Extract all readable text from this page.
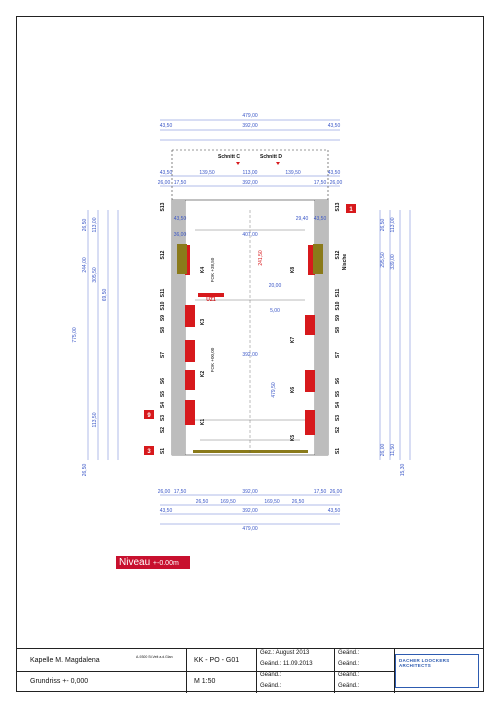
479,00
43,50	392,00	43,50
43,50	139,50	113,00	139,50	43,50
26,00 17,50	392,00	17,50 26,00
26,00 17,50	392,00	17,50 26,00
26,50 169,50	169,50 26,50
43,50	392,00	43,50
479,00
43,50
36,00	407,00
29,40 43,50
20,00
5,00
392,00
479,50
241,50
26,50 113,00
244,00
305,50
69,50
775,00
113,50
26,50
26,50 113,00
295,50 339,00
26,00 11,50
15,30
S13
S12
S11
S10
S9
S8
S7
S6
S5
S4
S3
S2
S1
S13
S12
S11
S10
S9
S8
S7
S6
S5
S4
S3
S2
S1
K4
K3
K2
K1
K8
K7
K6
K5
FOK +38,50
FOK +00,00
UZ1
Nische
Schnitt C	Schnitt D
1
9
3
Niveau +-0.00m
Kapelle M. Magdalena	A-9300 St.Veit a.d.Glan
Grundriss +- 0,000
KK - PO - G01
M 1:50
Gez.: August 2013
Geänd.: 11.09.2013
Geänd.:
Geänd.:
Geänd.:
Geänd.:
Geänd.:
Geänd.:
DACHER LOOCKERS ARCHITECTS
